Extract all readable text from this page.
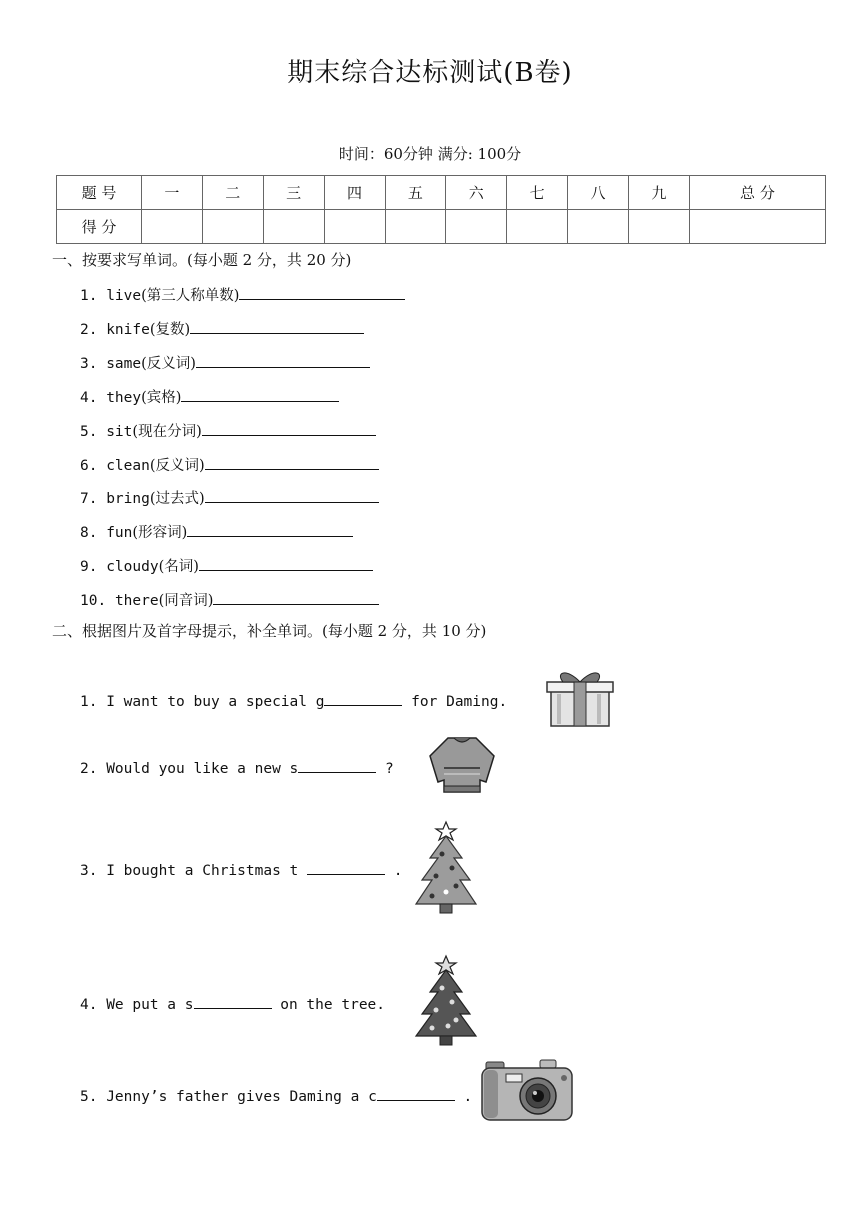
期末综合达标测试(B卷)
时间：60分钟 满分: 100分
题 号	一	二	三	四	五	六	七	八	九	总 分
得 分										
一、按要求写单词。(每小题 2 分，共 20 分)
1. live(第三人称单数)
2. knife(复数)
3. same(反义词)
4. they(宾格)
5. sit(现在分词)
6. clean(反义词)
7. bring(过去式)
8. fun(形容词)
9. cloudy(名词)
10. there(同音词)
二、根据图片及首字母提示，补全单词。(每小题 2 分，共 10 分)
1. I want to buy a special g	for Daming.
2. Would you like a new s	?
3. I bought a Christmas t	.
4. We put a s	on the tree.
5. Jenny’s father gives Daming a c	.
